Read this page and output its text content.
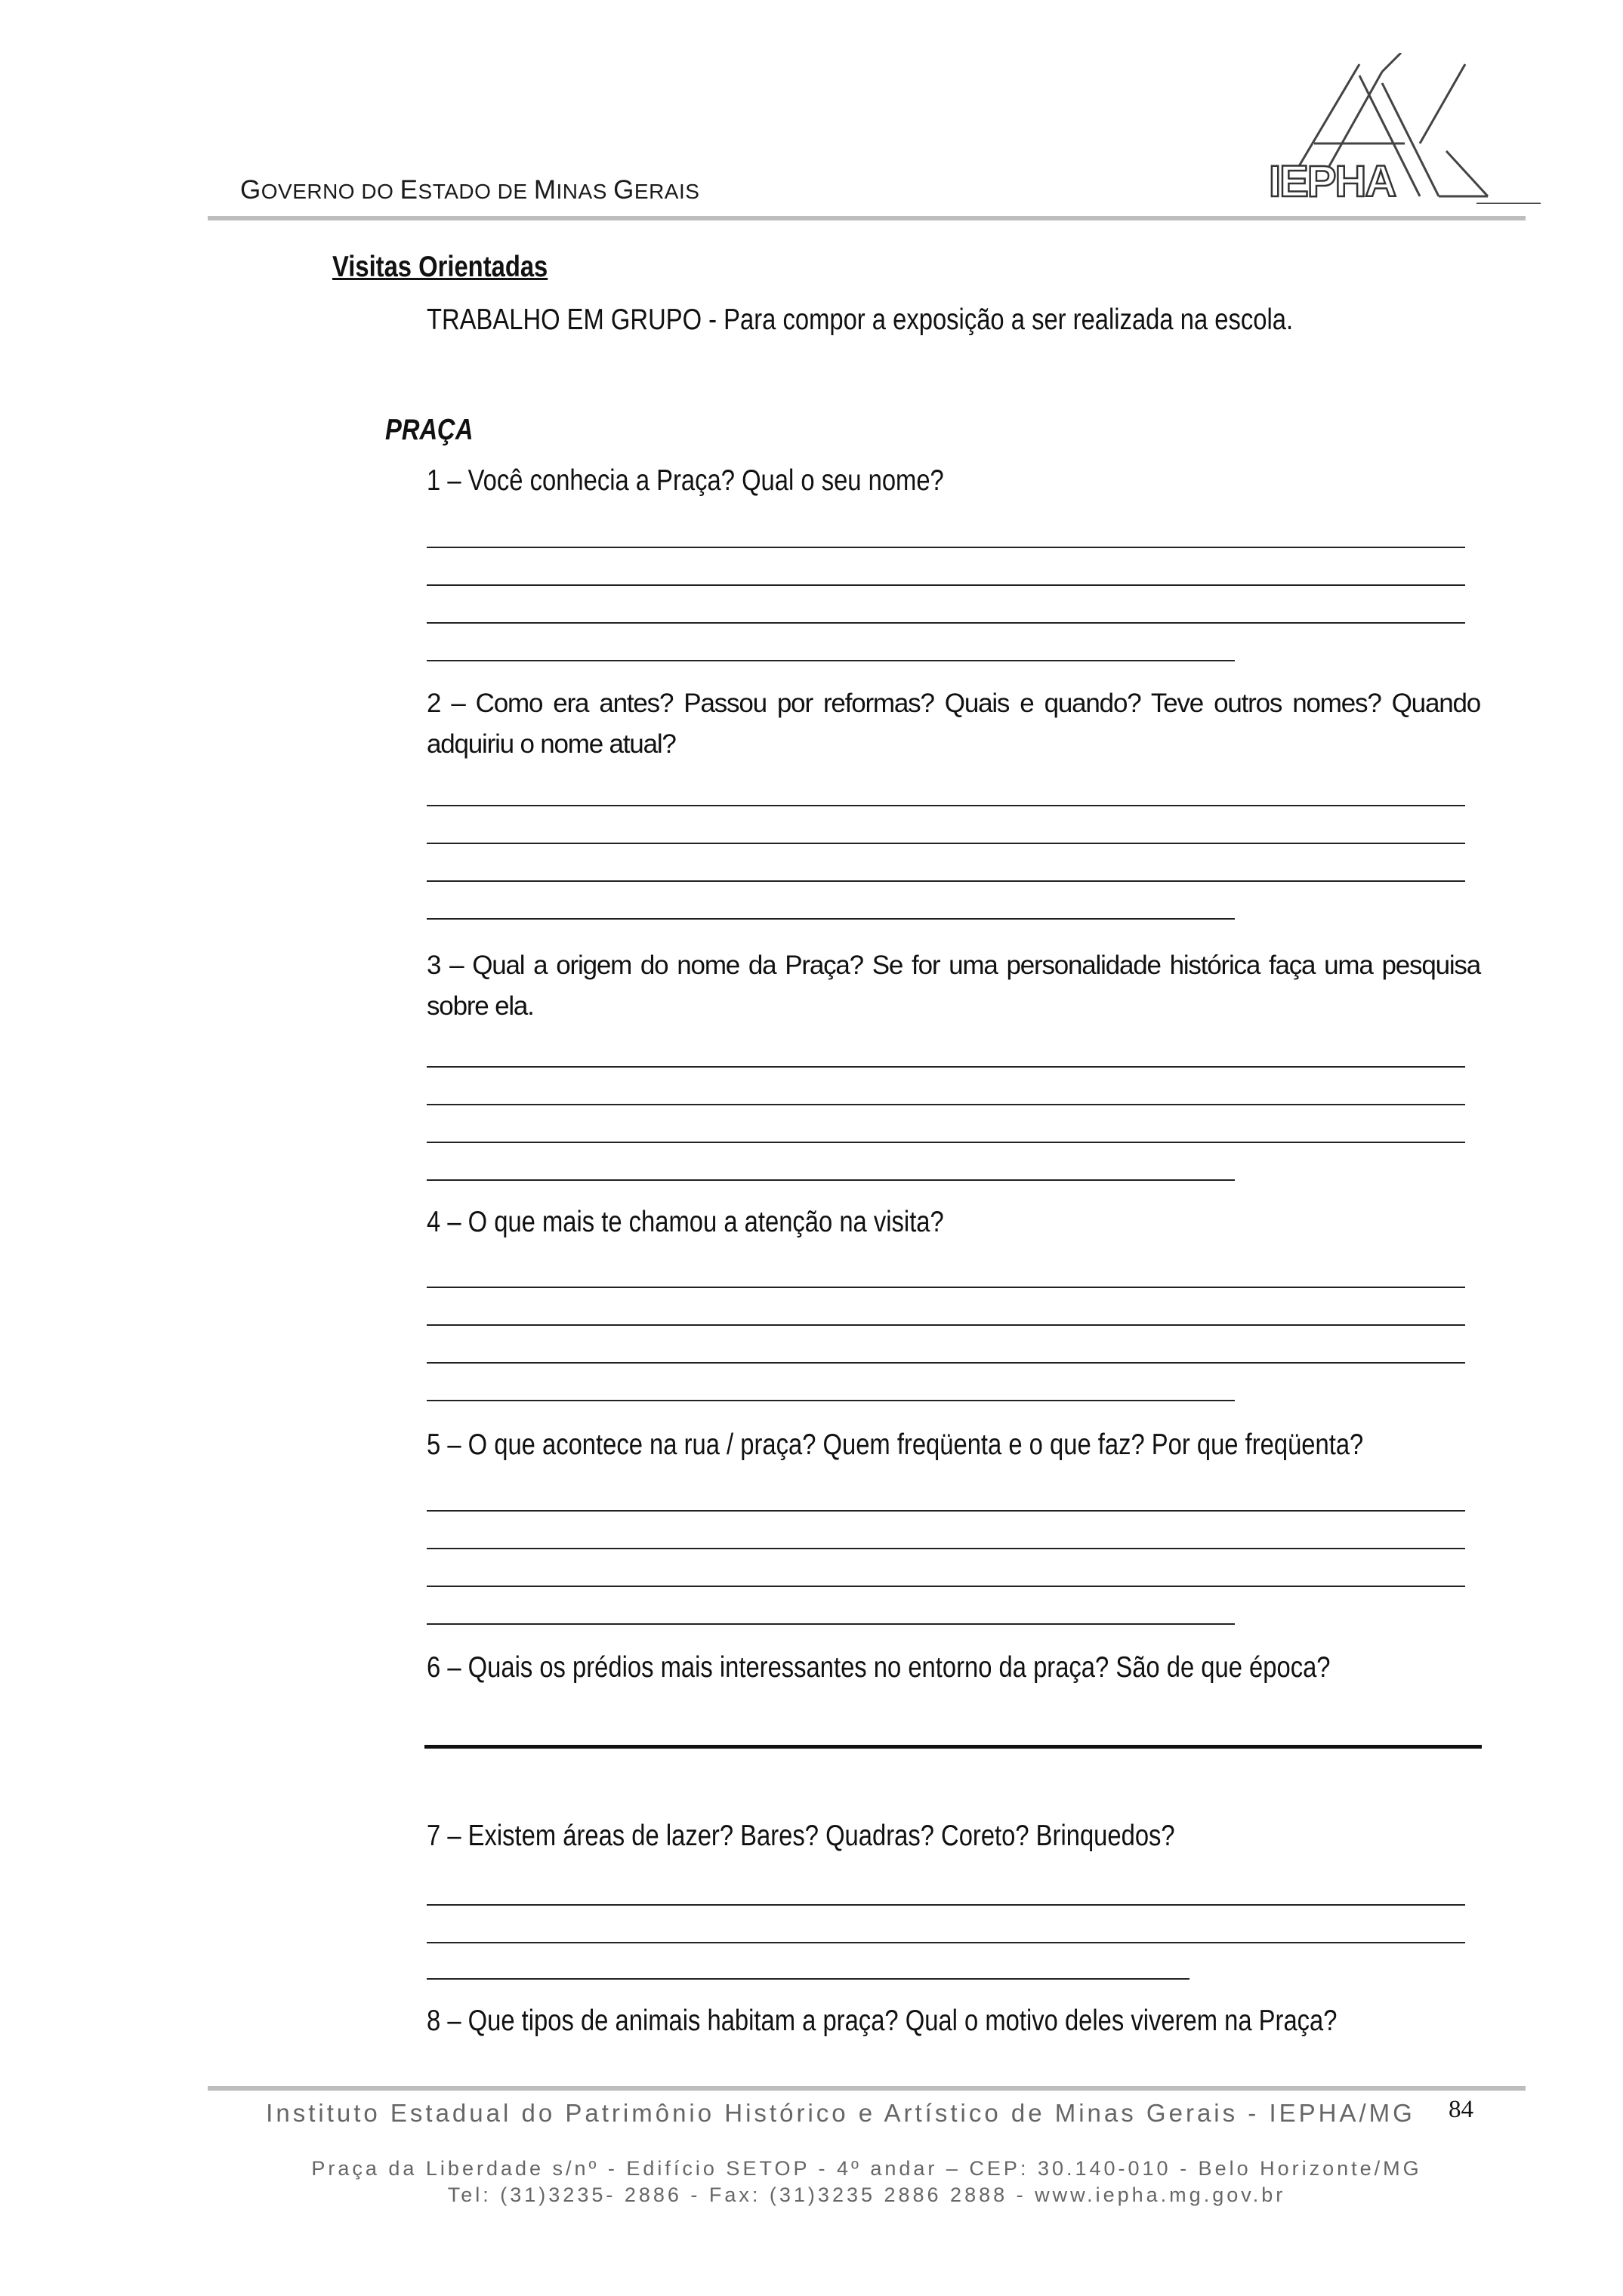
GOVERNO DO ESTADO DE MINAS GERAIS	IEPHA
Visitas Orientadas
TRABALHO EM GRUPO - Para compor a exposição a ser realizada na escola.
PRAÇA
1 – Você conhecia a Praça? Qual o seu nome?
2 – Como era antes? Passou por reformas? Quais e quando? Teve outros nomes? Quando adquiriu o nome atual?
3 – Qual a origem do nome da Praça? Se for uma personalidade histórica faça uma pesquisa sobre ela.
4 – O que mais te chamou a atenção na visita?
5 – O que acontece na rua / praça? Quem freqüenta e o que faz? Por que freqüenta?
6 – Quais os prédios mais interessantes no entorno da praça? São de que época?
7 – Existem áreas de lazer? Bares? Quadras? Coreto? Brinquedos?
8 – Que tipos de animais habitam a praça? Qual o motivo deles viverem na Praça?
Instituto Estadual do Patrimônio Histórico e Artístico de Minas Gerais - IEPHA/MG	84
Praça da Liberdade s/nº - Edifício SETOP - 4º andar – CEP: 30.140-010 - Belo Horizonte/MG
Tel: (31)3235- 2886 - Fax: (31)3235 2886 2888 - www.iepha.mg.gov.br
